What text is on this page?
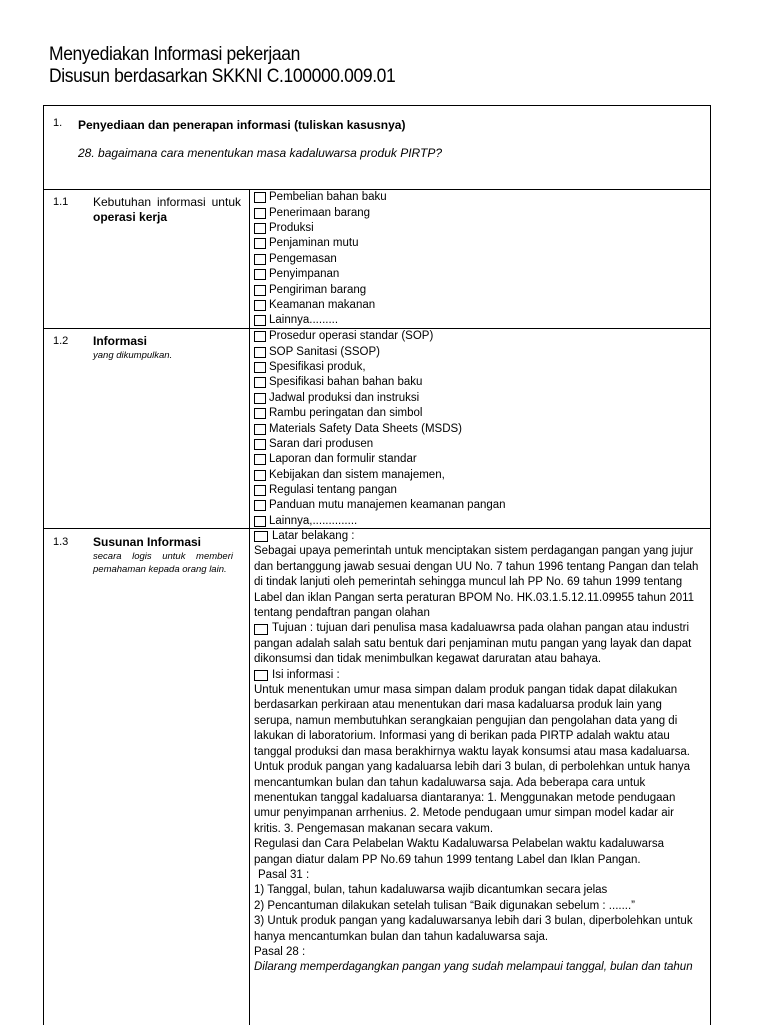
Menyediakan Informasi pekerjaan
Disusun berdasarkan SKKNI C.100000.009.01
1. Penyediaan dan penerapan informasi (tuliskan kasusnya)
28. bagaimana cara menentukan masa kadaluwarsa produk PIRTP?
1.1 Kebutuhan informasi untuk
operasi kerja
Pembelian bahan baku
Penerimaan barang
Produksi
Penjaminan mutu
Pengemasan
Penyimpanan
Pengiriman barang
Keamanan makanan
Lainnya.........
1.2 Informasi
yang dikumpulkan.
Prosedur operasi standar (SOP)
SOP Sanitasi (SSOP)
Spesifikasi produk,
Spesifikasi bahan bahan baku
Jadwal produksi dan instruksi
Rambu peringatan dan simbol
Materials Safety Data Sheets (MSDS)
Saran dari produsen
Laporan dan formulir standar
Kebijakan dan sistem manajemen,
Regulasi tentang pangan
Panduan mutu manajemen keamanan pangan
Lainnya,..............
1.3 Susunan Informasi
secara logis untuk memberi
pemahaman kepada orang lain.

Latar belakang :

Sebagai upaya pemerintah untuk menciptakan sistem perdagangan pangan yang jujur

dan bertanggung jawab sesuai dengan UU No. 7 tahun 1996 tentang Pangan dan telah

di tindak lanjuti oleh pemerintah sehingga muncul lah PP No. 69 tahun 1999 tentang

Label dan iklan Pangan serta peraturan BPOM No. HK.03.1.5.12.11.09955 tahun 2011

tentang pendaftran pangan olahan

Tujuan : tujuan dari penulisa masa kadaluawrsa pada olahan pangan atau industri

pangan adalah salah satu bentuk dari penjaminan mutu pangan yang layak dan dapat

dikonsumsi dan tidak menimbulkan kegawat daruratan atau bahaya.

Isi informasi :

Untuk menentukan umur masa simpan dalam produk pangan tidak dapat dilakukan

berdasarkan perkiraan atau menentukan dari masa kadaluarsa produk lain yang

serupa, namun membutuhkan serangkaian pengujian dan pengolahan data yang di

lakukan di laboratorium. Informasi yang di berikan pada PIRTP adalah waktu atau

tanggal produksi dan masa berakhirnya waktu layak konsumsi atau masa kadaluarsa.

Untuk produk pangan yang kadaluarsa lebih dari 3 bulan, di perbolehkan untuk hanya

mencantumkan bulan dan tahun kadaluwarsa saja. Ada beberapa cara untuk

menentukan tanggal kadaluarsa diantaranya: 1. Menggunakan metode pendugaan

umur penyimpanan arrhenius. 2. Metode pendugaan umur simpan model kadar air

kritis. 3. Pengemasan makanan secara vakum.

Regulasi dan Cara Pelabelan Waktu Kadaluwarsa Pelabelan waktu kadaluwarsa

pangan diatur dalam PP No.69 tahun 1999 tentang Label dan Iklan Pangan.

Pasal 31 :

1) Tanggal, bulan, tahun kadaluwarsa wajib dicantumkan secara jelas

2) Pencantuman dilakukan setelah tulisan “Baik digunakan sebelum : .......”

3) Untuk produk pangan yang kadaluwarsanya lebih dari 3 bulan, diperbolehkan untuk

hanya mencantumkan bulan dan tahun kadaluwarsa saja.

Pasal 28 :

Dilarang memperdagangkan pangan yang sudah melampaui tanggal, bulan dan tahun
